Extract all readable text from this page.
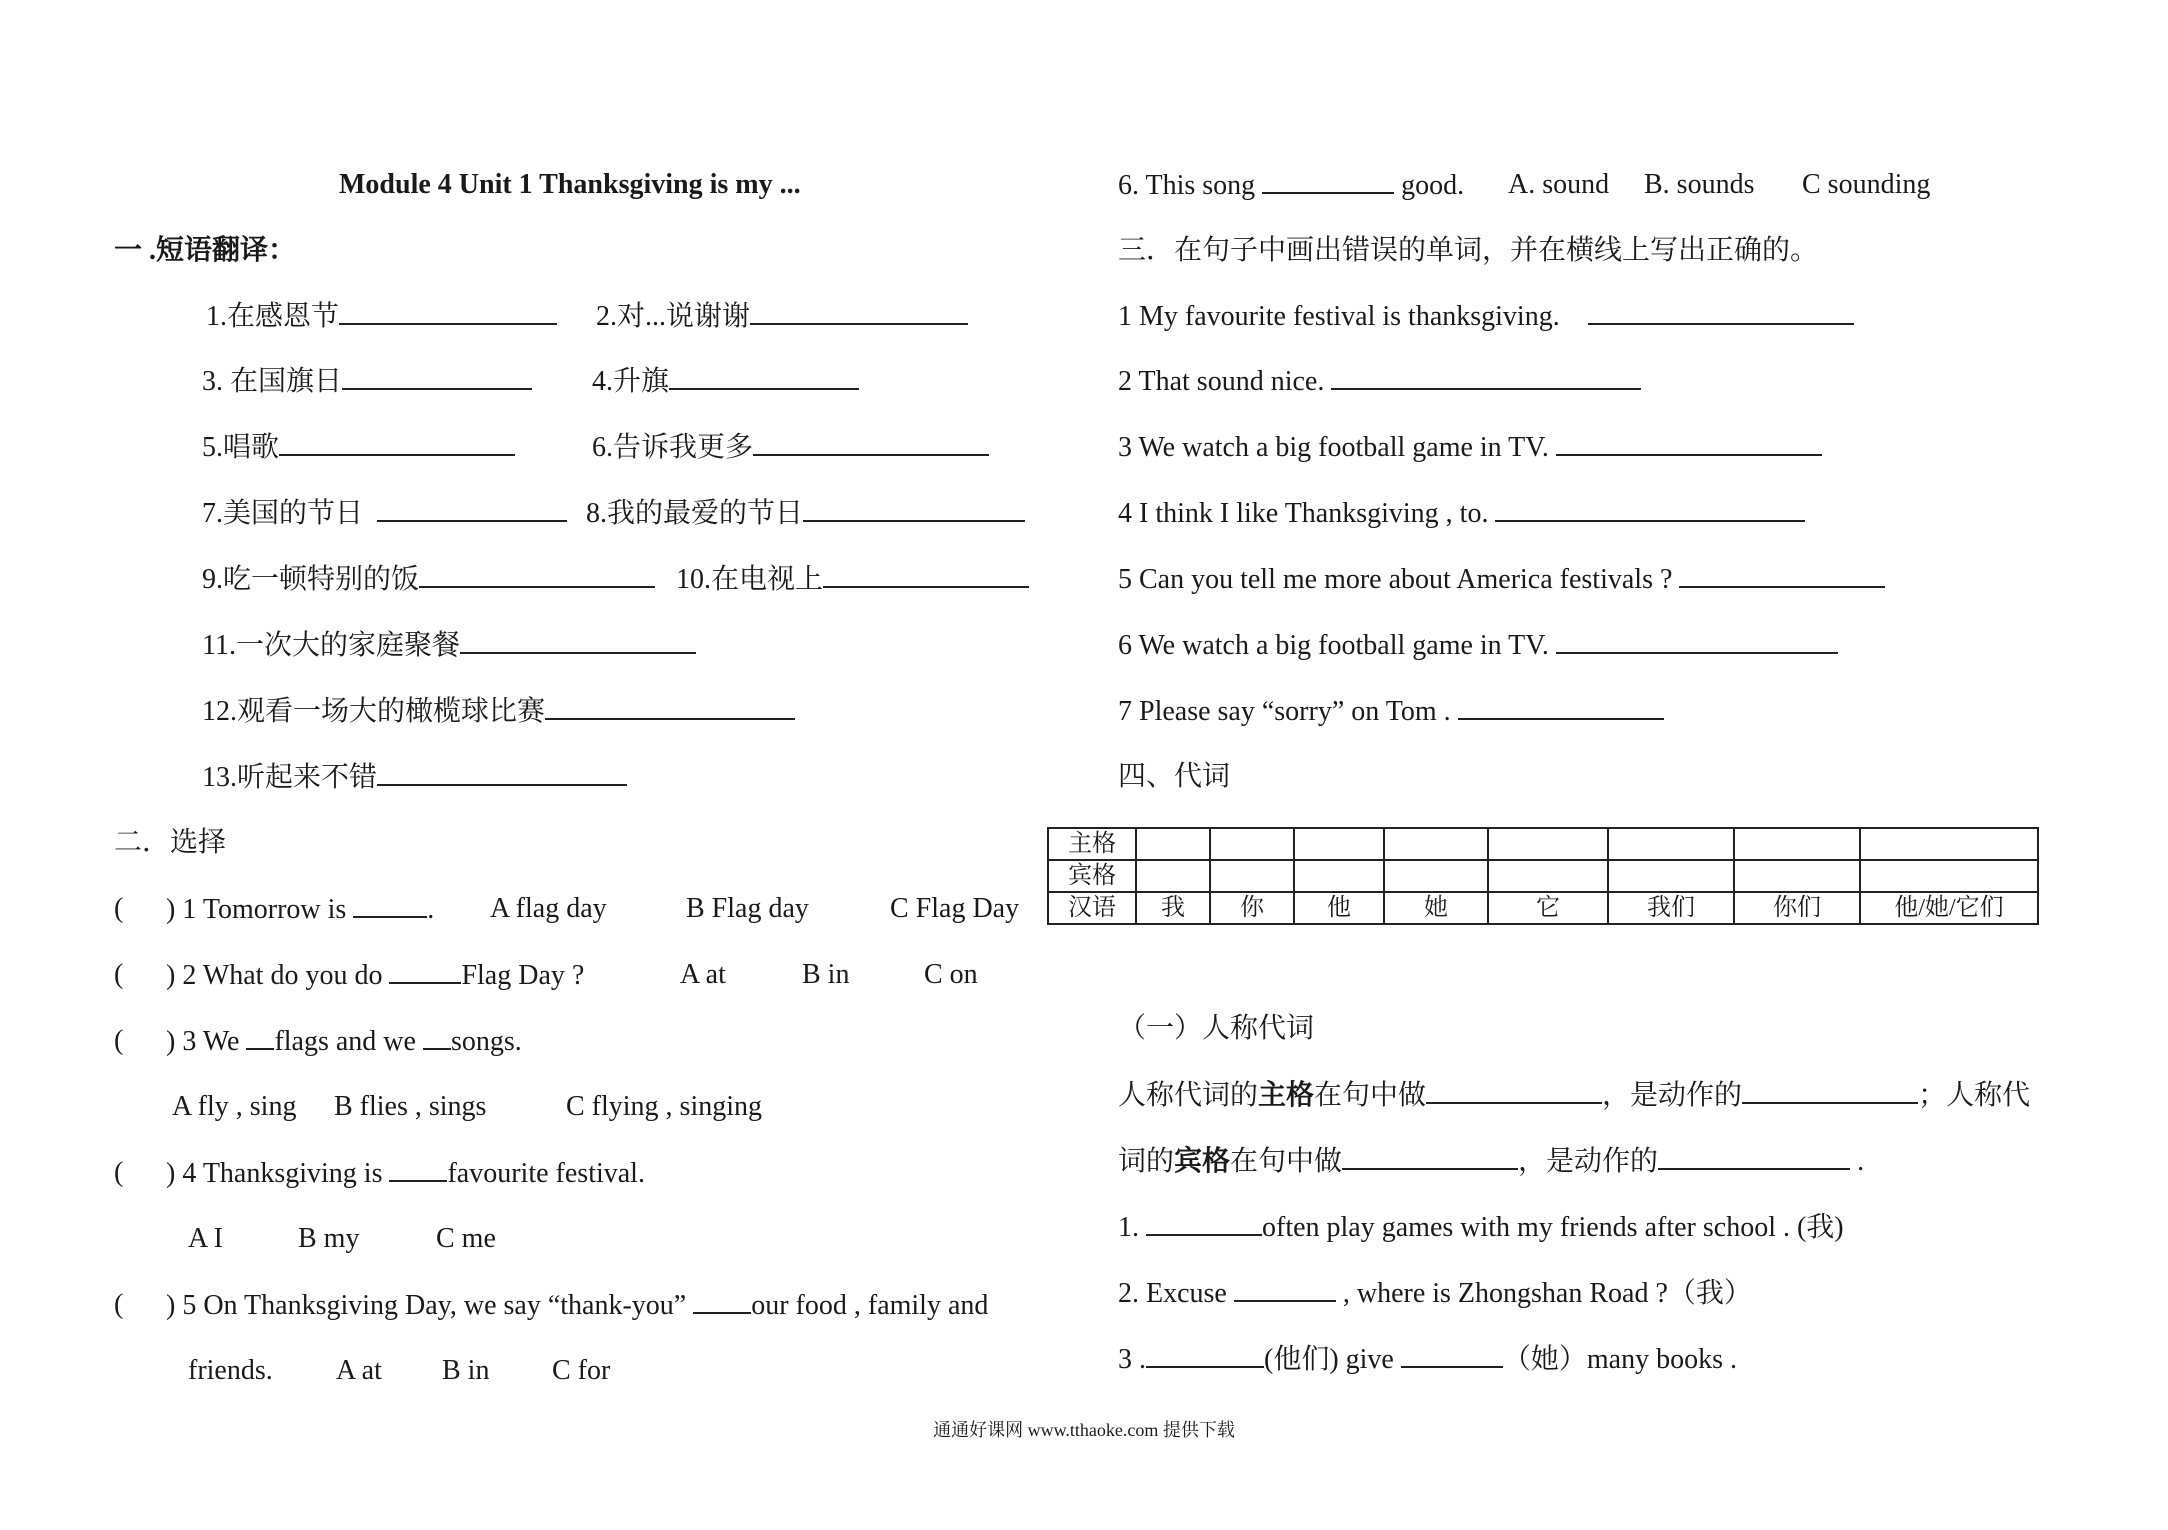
Module 4 Unit 1 Thanksgiving is my ...
一 .短语翻译：
1.在感恩节	2.对...说谢谢
3. 在国旗日	4.升旗
5.唱歌	6.告诉我更多
7.美国的节日	8.我的最爱的节日
9.吃一顿特别的饭	10.在电视上
11.一次大的家庭聚餐
12.观看一场大的橄榄球比赛
13.听起来不错
二．选择
( ) 1 Tomorrow is	. A flag day	B Flag day	C Flag Day
( ) 2 What do you do	Flag Day ?	A at	B in	C on
( ) 3 We flags and we songs.
A fly , sing B flies , sings	C flying , singing
( ) 4 Thanksgiving is favourite festival.
A I	B my	C me
( ) 5 On Thanksgiving Day, we say “thank-you” our food , family and
friends. A at B in C for
6. This song	good. A. sound B. sounds C sounding
三．在句子中画出错误的单词，并在横线上写出正确的。
1 My favourite festival is thanksgiving.
2 That sound nice.
3 We watch a big football game in TV.
4 I think I like Thanksgiving , to.
5 Can you tell me more about America festivals ?
6 We watch a big football game in TV.
7 Please say “sorry” on Tom .
四、代词
主格								
宾格								
汉语	我	你	他	她	它	我们	你们	他/她/它们
（一）人称代词
人称代词的主格在句中做	，是动作的	；人称代
词的宾格在句中做	，是动作的	.
1.	often play games with my friends after school . (我)
2. Excuse	, where is Zhongshan Road ?（我）
3 .	(他们) give	（她）many books .
通通好课网 www.tthaoke.com 提供下载
